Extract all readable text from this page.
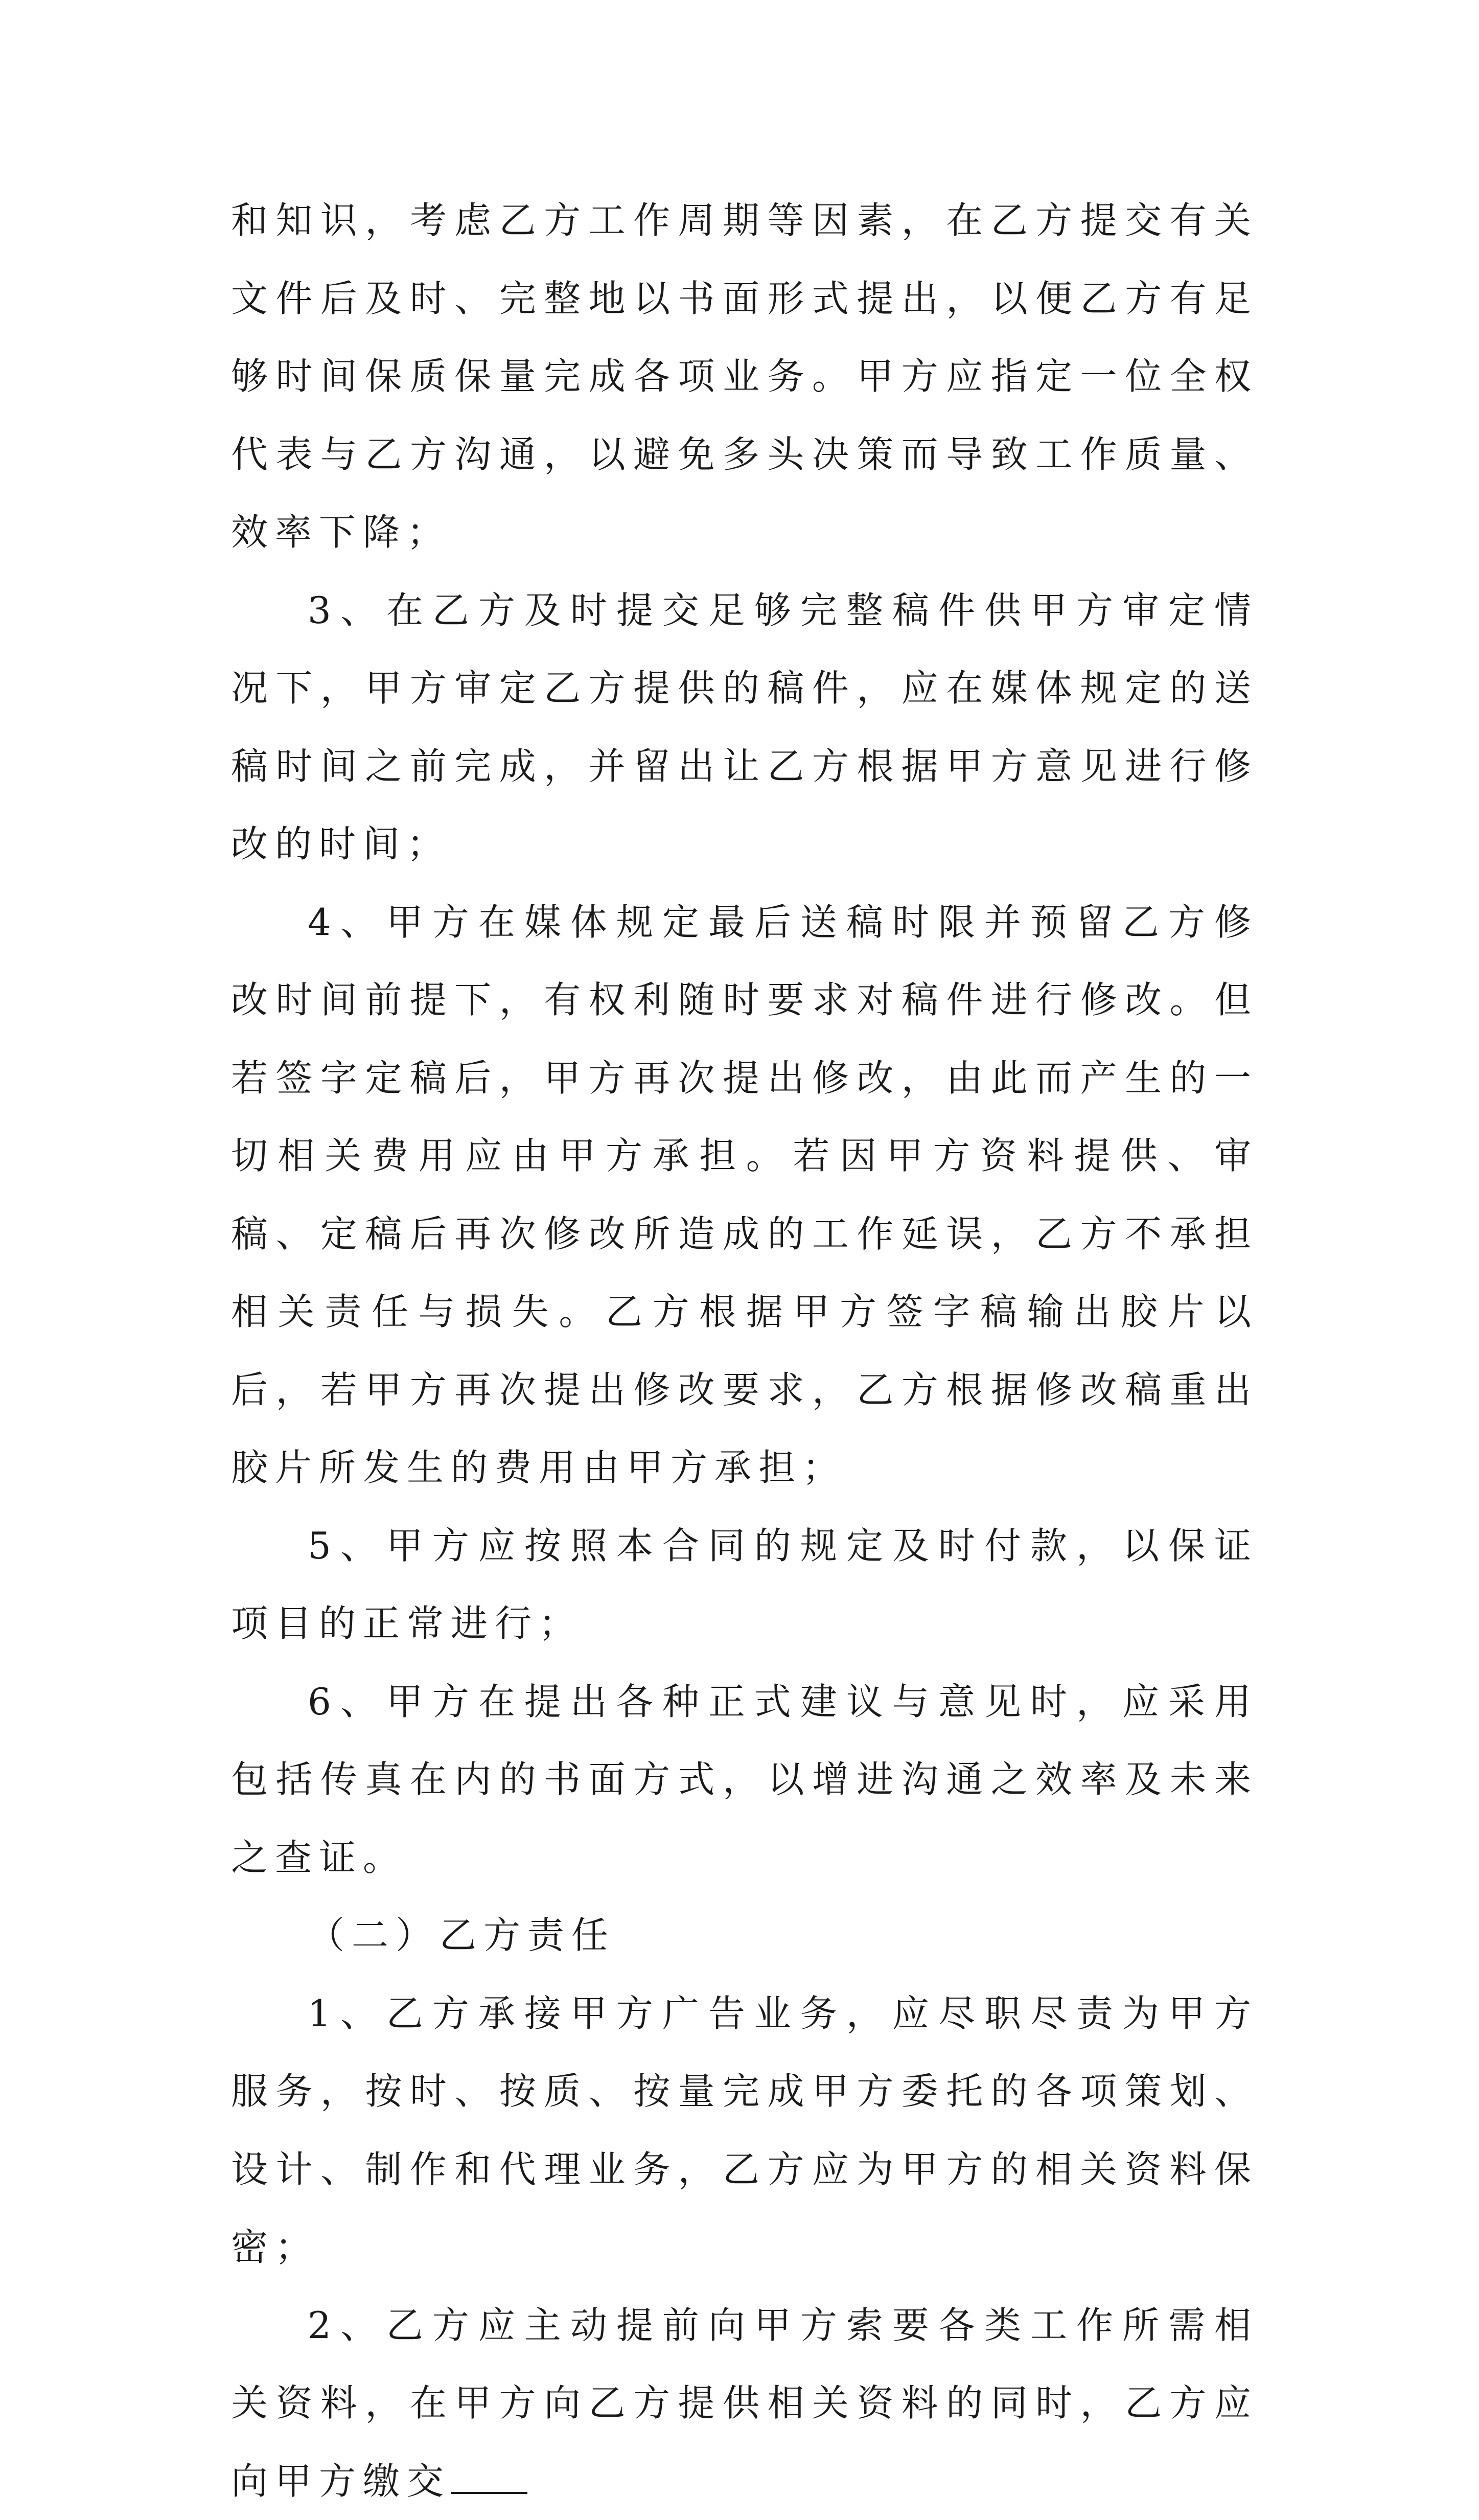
和知识，考虑乙方工作周期等因素，在乙方提交有关文件后及时、完整地以书面形式提出，以便乙方有足够时间保质保量完成各项业务。甲方应指定一位全权代表与乙方沟通，以避免多头决策而导致工作质量、效率下降；

3、在乙方及时提交足够完整稿件供甲方审定情况下，甲方审定乙方提供的稿件，应在媒体规定的送稿时间之前完成，并留出让乙方根据甲方意见进行修改的时间；

4、甲方在媒体规定最后送稿时限并预留乙方修改时间前提下，有权利随时要求对稿件进行修改。但若签字定稿后，甲方再次提出修改，由此而产生的一切相关费用应由甲方承担。若因甲方资料提供、审稿、定稿后再次修改所造成的工作延误，乙方不承担相关责任与损失。乙方根据甲方签字稿输出胶片以后，若甲方再次提出修改要求，乙方根据修改稿重出胶片所发生的费用由甲方承担；

5、甲方应按照本合同的规定及时付款，以保证项目的正常进行；

6、甲方在提出各种正式建议与意见时，应采用包括传真在内的书面方式，以增进沟通之效率及未来之查证。

（二）乙方责任

1、乙方承接甲方广告业务，应尽职尽责为甲方服务，按时、按质、按量完成甲方委托的各项策划、设计、制作和代理业务，乙方应为甲方的相关资料保密；

2、乙方应主动提前向甲方索要各类工作所需相关资料，在甲方向乙方提供相关资料的同时，乙方应向甲方缴交
